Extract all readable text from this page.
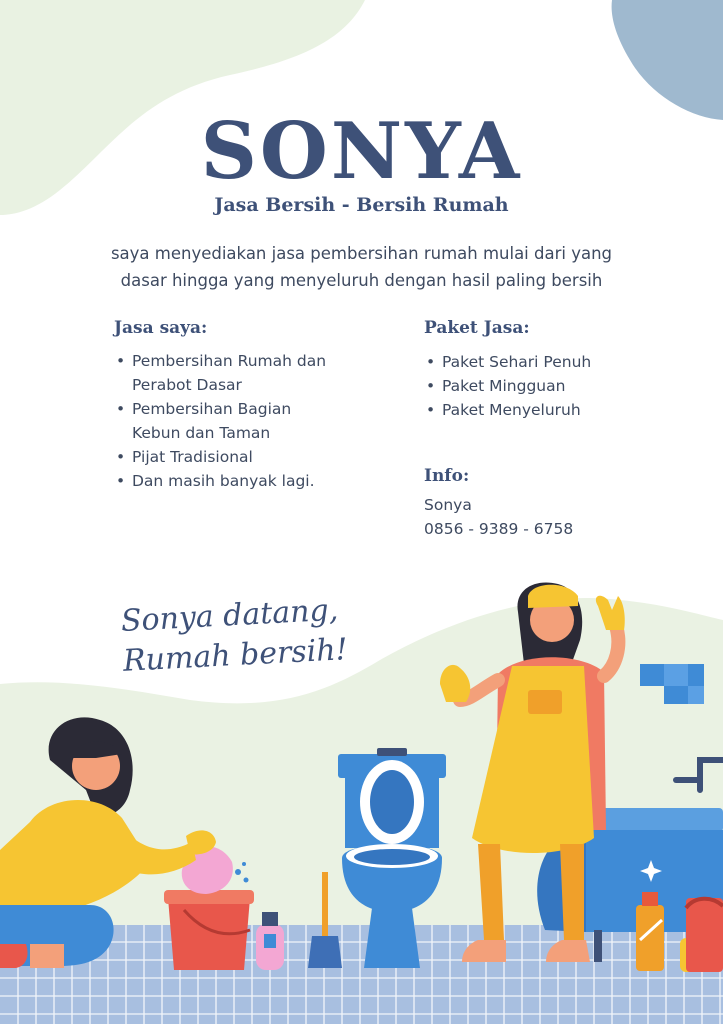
SONYA
Jasa Bersih - Bersih Rumah
saya menyediakan jasa pembersihan rumah mulai dari yang
dasar hingga yang menyeluruh dengan hasil paling bersih
Jasa saya:
• Pembersihan Rumah dan
Perabot Dasar
• Pembersihan Bagian
Kebun dan Taman
• Pijat Tradisional
• Dan masih banyak lagi.
Paket Jasa:
• Paket Sehari Penuh
• Paket Mingguan
• Paket Menyeluruh
Info:
Sonya
0856 - 9389 - 6758
Sonya datang,
Rumah bersih!
